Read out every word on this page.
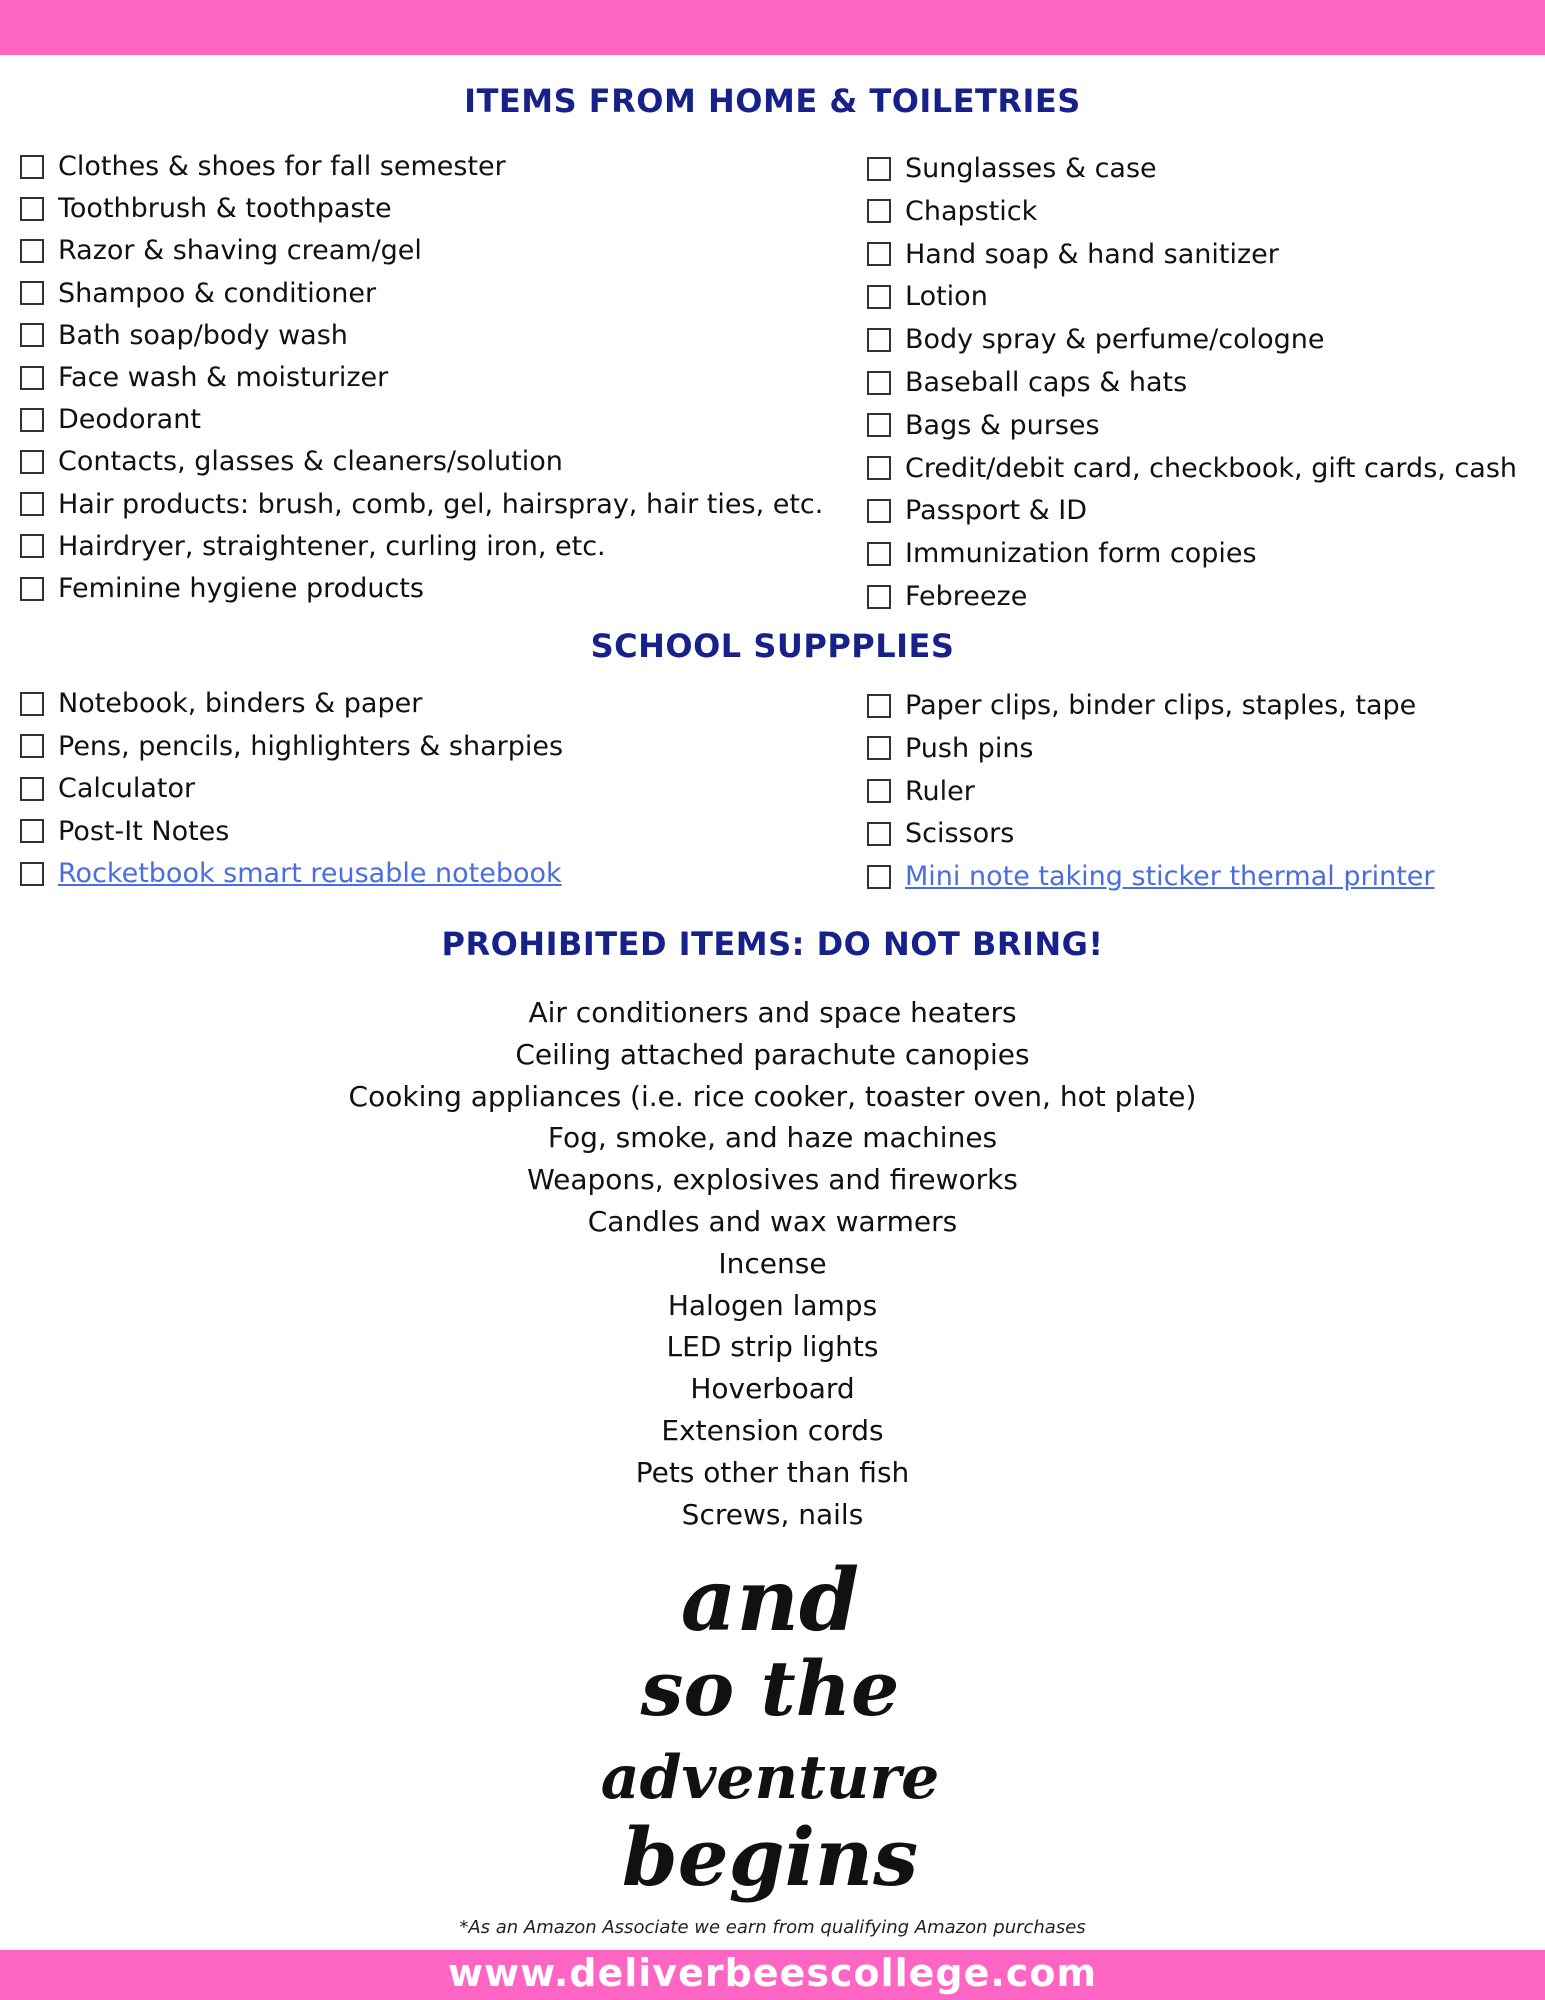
ITEMS FROM HOME & TOILETRIES
Clothes & shoes for fall semester
Toothbrush & toothpaste
Razor & shaving cream/gel
Shampoo & conditioner
Bath soap/body wash
Face wash & moisturizer
Deodorant
Contacts, glasses & cleaners/solution
Hair products: brush, comb, gel, hairspray, hair ties, etc.
Hairdryer, straightener, curling iron, etc.
Feminine hygiene products
Sunglasses & case
Chapstick
Hand soap & hand sanitizer
Lotion
Body spray & perfume/cologne
Baseball caps & hats
Bags & purses
Credit/debit card, checkbook, gift cards, cash
Passport & ID
Immunization form copies
Febreeze
SCHOOL SUPPPLIES
Notebook, binders & paper
Pens, pencils, highlighters & sharpies
Calculator
Post-It Notes
Rocketbook smart reusable notebook
Paper clips, binder clips, staples, tape
Push pins
Ruler
Scissors
Mini note taking sticker thermal printer
PROHIBITED ITEMS: DO NOT BRING!
Air conditioners and space heaters
Ceiling attached parachute canopies
Cooking appliances (i.e. rice cooker, toaster oven, hot plate)
Fog, smoke, and haze machines
Weapons, explosives and fireworks
Candles and wax warmers
Incense
Halogen lamps
LED strip lights
Hoverboard
Extension cords
Pets other than fish
Screws, nails
and
so the
adventure
begins
*As an Amazon Associate we earn from qualifying Amazon purchases
www.deliverbeescollege.com
